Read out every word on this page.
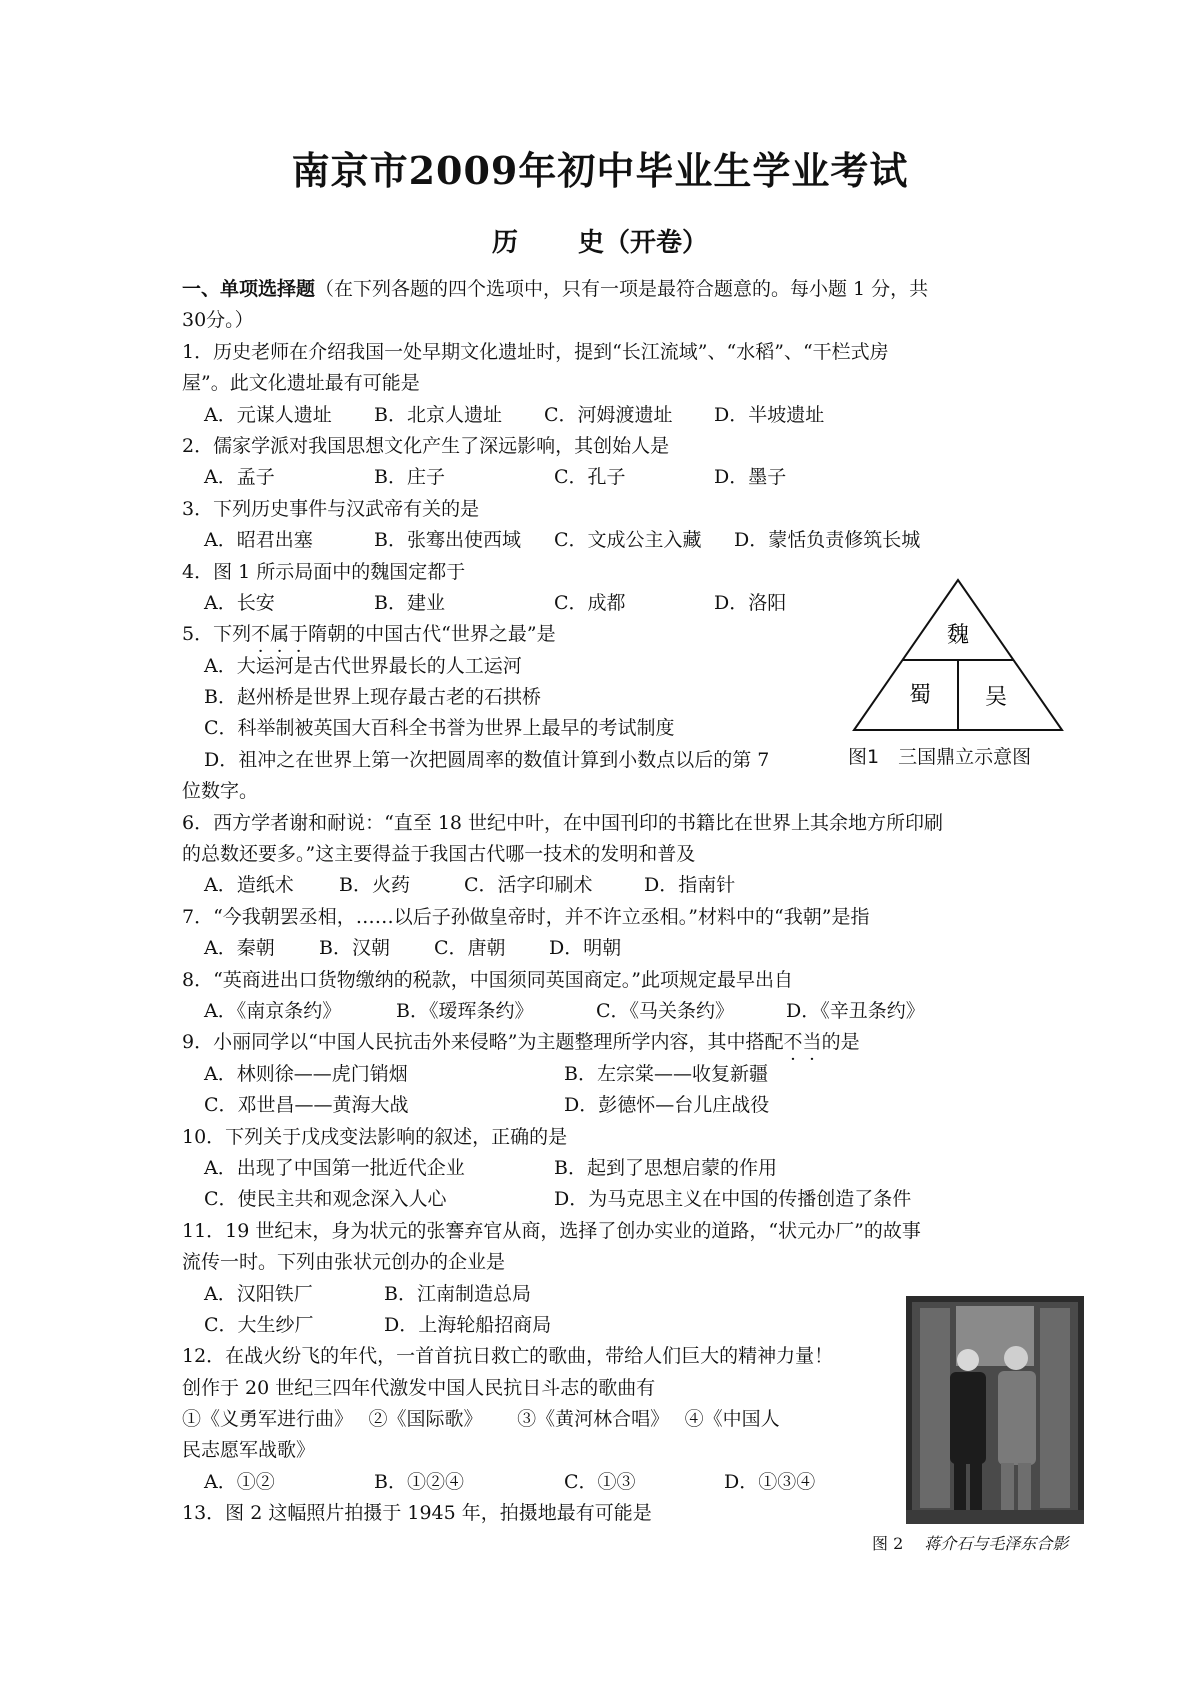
南京市2009年初中毕业生学业考试
历 史（开卷）
一、单项选择题（在下列各题的四个选项中，只有一项是最符合题意的。每小题 1 分，共
30分。）
1．历史老师在介绍我国一处早期文化遗址时，提到“长江流域”、“水稻”、“干栏式房
屋”。此文化遗址最有可能是
A．元谋人遗址 B．北京人遗址 C．河姆渡遗址 D．半坡遗址
2．儒家学派对我国思想文化产生了深远影响，其创始人是
A．孟子	B．庄子	C．孔子	D．墨子
3．下列历史事件与汉武帝有关的是
A．昭君出塞	B．张骞出使西域 C．文成公主入藏 D．蒙恬负责修筑长城
4．图 1 所示局面中的魏国定都于
A．长安	B．建业	C．成都	D．洛阳
5．下列不属于隋朝的中国古代“世界之最”是
A．大运河是古代世界最长的人工运河
B．赵州桥是世界上现存最古老的石拱桥
C．科举制被英国大百科全书誉为世界上最早的考试制度
D．祖冲之在世界上第一次把圆周率的数值计算到小数点以后的第 7
位数字。
6．西方学者谢和耐说：“直至 18 世纪中叶，在中国刊印的书籍比在世界上其余地方所印刷
的总数还要多。”这主要得益于我国古代哪一技术的发明和普及
A．造纸术 B．火药	C．活字印刷术	D．指南针
7．“今我朝罢丞相，……以后子孙做皇帝时，并不许立丞相。”材料中的“我朝”是指
A．秦朝 B．汉朝 C．唐朝 D．明朝
8．“英商进出口货物缴纳的税款，中国须同英国商定。”此项规定最早出自
A．《南京条约》	B．《瑷珲条约》	C．《马关条约》	D．《辛丑条约》
9．小丽同学以“中国人民抗击外来侵略”为主题整理所学内容，其中搭配不当的是
A．林则徐——虎门销烟	B．左宗棠——收复新疆
C．邓世昌——黄海大战	D．彭德怀—台儿庄战役
10．下列关于戊戌变法影响的叙述，正确的是
A．出现了中国第一批近代企业	B．起到了思想启蒙的作用
C．使民主共和观念深入人心	D．为马克思主义在中国的传播创造了条件
11．19 世纪末，身为状元的张謇弃官从商，选择了创办实业的道路，“状元办厂”的故事
流传一时。下列由张状元创办的企业是
A．汉阳铁厂	B．江南制造总局
C．大生纱厂	D．上海轮船招商局
12．在战火纷飞的年代，一首首抗日救亡的歌曲，带给人们巨大的精神力量！
创作于 20 世纪三四年代激发中国人民抗日斗志的歌曲有
①《义勇军进行曲》　 ②《国际歌》　　 ③《黄河林合唱》　 ④《中国人
民志愿军战歌》
A．①②	B．①②④	C．①③	D．①③④
13．图 2 这幅照片拍摄于 1945 年，拍摄地最有可能是
魏
蜀 吴
图1　三国鼎立示意图
图 2　 蒋介石与毛泽东合影
